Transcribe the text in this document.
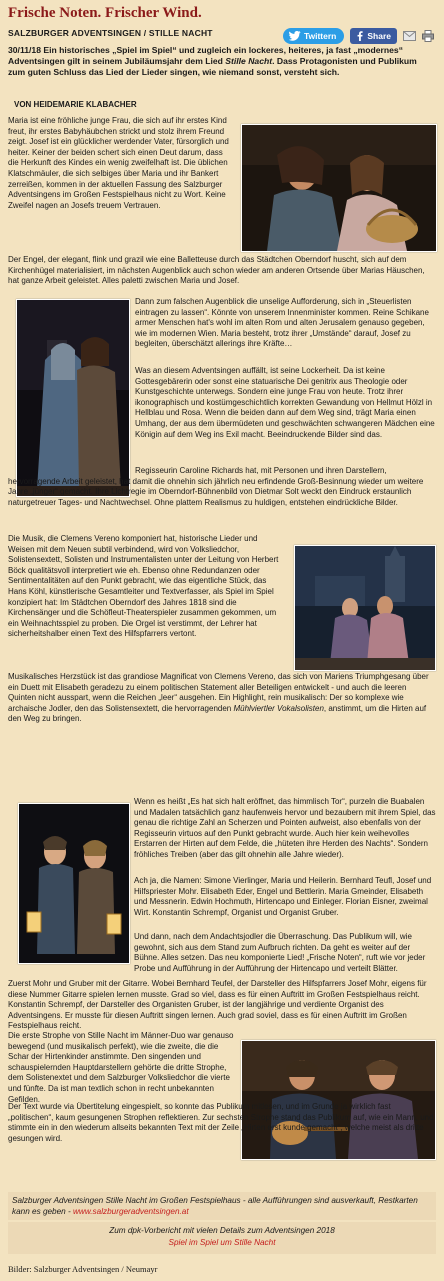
Frische Noten. Frischer Wind.
Twittern	Share
SALZBURGER ADVENTSINGEN / STILLE NACHT
30/11/18 Ein historisches „Spiel im Spiel“ und zugleich ein lockeres, heiteres, ja fast „modernes“ Adventsingen gilt in seinem Jubiläumsjahr dem Lied Stille Nacht. Dass Protagonisten und Publikum zum guten Schluss das Lied der Lieder singen, wie niemand sonst, versteht sich.
VON HEIDEMARIE KLABACHER
Maria ist eine fröhliche junge Frau, die sich auf ihr erstes Kind freut, ihr erstes Babyhäubchen strickt und stolz ihrem Freund zeigt. Josef ist ein glücklicher werdender Vater, fürsorglich und heiter. Keiner der beiden schert sich einen Deut darum, dass die Herkunft des Kindes ein wenig zweifelhaft ist. Die üblichen Klatschmäuler, die sich selbiges über Maria und ihr Bankert zerreißen, kommen in der aktuellen Fassung des Salzburger Adventsingens im Großen Festspielhaus nicht zu Wort. Keine Zweifel nagen an Josefs treuem Vertrauen.
Der Engel, der elegant, flink und grazil wie eine Balletteuse durch das Städtchen Oberndorf huscht, sich auf dem Kirchenhügel materialisiert, im nächsten Augenblick auch schon wieder am anderen Ortsende über Marias Häuschen, hat ganze Arbeit geleistet. Alles paletti zwischen Maria und Josef.
Dann zum falschen Augenblick die unselige Aufforderung, sich in „Steuerlisten eintragen zu lassen“. Könnte von unserem Innenminister kommen. Reine Schikane armer Menschen hat's wohl im alten Rom und alten Jerusalem genauso gegeben, wie im modernen Wien. Maria besteht, trotz ihrer „Umstände“ darauf, Josef zu begleiten, überschätzt allerings ihre Kräfte…
Was an diesem Adventsingen auffällt, ist seine Lockerheit. Da ist keine Gottesgebärerin oder sonst eine statuarische Dei genitrix aus Theologie oder Kunstgeschichte unterwegs. Sondern eine junge Frau von heute. Trotz ihrer ikonographisch und kostümgeschichtlich korrekten Gewandung von Hellmut Hölzl in Hellblau und Rosa. Wenn die beiden dann auf dem Weg sind, trägt Maria einen Umhang, der aus dem übermüdeten und geschwächten schwangeren Mädchen eine Königin auf dem Weg ins Exil macht. Beeindruckende Bilder sind das.
Regisseurin Caroline Richards hat, mit Personen und ihren Darstellern, hervorragende Arbeit geleistet, hat damit die ohnehin sich jährlich neu erfindende Groß-Besinnung wieder um weitere Jahre „jünger“ gemacht. Ihre Lichtregie im Oberndorf-Bühnenbild von Dietmar Solt weckt den Eindruck erstaunlich naturgetreuer Tages- und Nachtwechsel. Ohne plattem Realismus zu huldigen, entstehen eindrückliche Bilder.
Die Musik, die Clemens Vereno komponiert hat, historische Lieder und Weisen mit dem Neuen subtil verbindend, wird von Volksliedchor, Solistensextett, Solisten und Instrumentalisten unter der Leitung von Herbert Böck qualitätsvoll interpretiert wie eh. Ebenso ohne Redundanzen oder Sentimentalitäten auf den Punkt gebracht, wie das eigentliche Stück, das Hans Köhl, künstlerische Gesamtleiter und Textverfasser, als Spiel im Spiel konzipiert hat: Im Städtchen Oberndorf des Jahres 1818 sind die Kirchensänger und die Schöfleut-Theaterspieler zusammen gekommen, um ein Weihnachtsspiel zu proben. Die Orgel ist verstimmt, der Lehrer hat sicherheitshalber einen Text des Hilfspfarrers vertont.
Musikalisches Herzstück ist das grandiose Magnificat von Clemens Vereno, das sich von Mariens Triumphgesang über ein Duett mit Elisabeth geradezu zu einem politischen Statement aller Beteiligen entwickelt - und auch die leeren Quinten nicht ausspart, wenn die Reichen „leer“ ausgehen. Ein Highlight, rein musikalisch: Der so komplexe wie archaische Jodler, den das Solistensextett, die hervorragenden Mühlviertler Vokalsolisten, anstimmt, um die Hirten auf den Weg zu bringen.
Wenn es heißt „Es hat sich halt eröffnet, das himmlisch Tor“, purzeln die Buabalen und Madalen tatsächlich ganz haufenweis hervor und bezaubern mit ihrem Spiel, das genau die richtige Zahl an Scherzen und Pointen aufweist, also ebenfalls von der Regisseurin virtuos auf den Punkt gebracht wurde. Auch hier kein weihevolles Erstarren der Hirten auf dem Felde, die „hüteten ihre Herden des Nachts“. Sondern fröhliches Treiben (aber das gilt ohnehin alle Jahre wieder).
Ach ja, die Namen: Simone Vierlinger, Maria und Heilerin. Bernhard Teufl, Josef und Hilfspriester Mohr. Elisabeth Eder, Engel und Bettlerin. Maria Gmeinder, Elisabeth und Messnerin. Edwin Hochmuth, Hirtencapo und Einleger. Florian Eisner, zweimal Wirt. Konstantin Schrempf, Organist und Organist Gruber.
Und dann, nach dem Andachtsjodler die Überraschung. Das Publikum will, wie gewohnt, sich aus dem Stand zum Aufbruch richten. Da geht es weiter auf der Bühne. Alles setzen. Das neu komponierte Lied! „Frische Noten“, ruft wie vor jeder Probe und Aufführung in der Aufführung der Hirtencapo und verteilt Blätter.
Zuerst Mohr und Gruber mit der Gitarre. Wobei Bernhard Teufel, der Darsteller des Hilfspfarrers Josef Mohr, eigens für diese Nummer Gitarre spielen lernen musste. Grad so viel, dass es für einen Auftritt im Großen Festspielhaus reicht. Konstantin Schrempf, der Darsteller des Organisten Gruber, ist der langjährige und verdiente Organist des Adventsingens. Er musste für diesen Auftritt singen lernen. Auch grad soviel, dass es für einen Auftritt im Großen Festspielhaus reicht.
Die erste Strophe von Stille Nacht im Männer-Duo war genauso bewegend (und musikalisch perfekt), wie die zweite, die die Schar der Hirtenkinder anstimmte. Den singenden und schauspielernden Hauptdarstellern gehörte die dritte Strophe, dem Solistenextet und dem Salzburger Volksliedchor die vierte und fünfte. Da ist man textlich schon in recht unbekannten Gefilden.
Der Text wurde via Übertitelung eingespielt, so konnte das Publikum mitlesen, und im Grunde ja wirklich fast „politischen“, kaum gesungenen Strophen reflektieren. Zur sechsten Strophe stand das Publikum auf, wie ein Mann, und stimmte ein in den wiederum allseits bekannten Text mit der Zeile „Hirten erst kunde gemacht“, welche meist als dritte gesungen wird.
Salzburger Adventsingen Stille Nacht im Großen Festspielhaus - alle Aufführungen sind ausverkauft, Restkarten kann es geben - www.salzburgeradventsingen.at
Zum dpk-Vorbericht mit vielen Details zum Adventsingen 2018
Spiel im Spiel um Stille Nacht
Bilder: Salzburger Adventsingen / Neumayr
